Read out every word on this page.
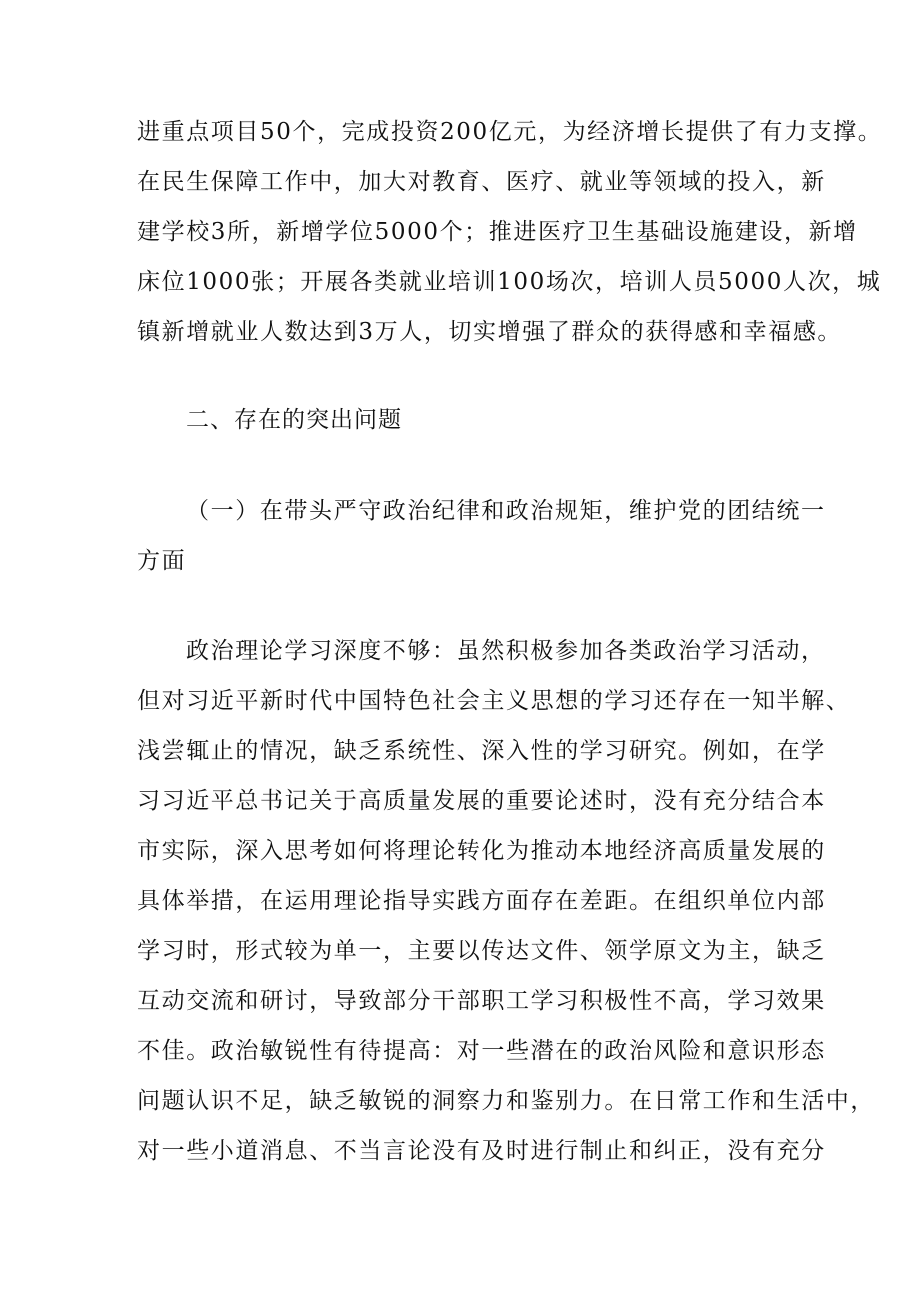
进重点项目50个，完成投资200亿元，为经济增长提供了有力支撑。
在民生保障工作中，加大对教育、医疗、就业等领域的投入，新
建学校3所，新增学位5000个；推进医疗卫生基础设施建设，新增
床位1000张；开展各类就业培训100场次，培训人员5000人次，城
镇新增就业人数达到3万人，切实增强了群众的获得感和幸福感。
二、存在的突出问题
（一）在带头严守政治纪律和政治规矩，维护党的团结统一
方面
政治理论学习深度不够：虽然积极参加各类政治学习活动，
但对习近平新时代中国特色社会主义思想的学习还存在一知半解、
浅尝辄止的情况，缺乏系统性、深入性的学习研究。例如，在学
习习近平总书记关于高质量发展的重要论述时，没有充分结合本
市实际，深入思考如何将理论转化为推动本地经济高质量发展的
具体举措，在运用理论指导实践方面存在差距。在组织单位内部
学习时，形式较为单一，主要以传达文件、领学原文为主，缺乏
互动交流和研讨，导致部分干部职工学习积极性不高，学习效果
不佳。政治敏锐性有待提高：对一些潜在的政治风险和意识形态
问题认识不足，缺乏敏锐的洞察力和鉴别力。在日常工作和生活中，
对一些小道消息、不当言论没有及时进行制止和纠正，没有充分
